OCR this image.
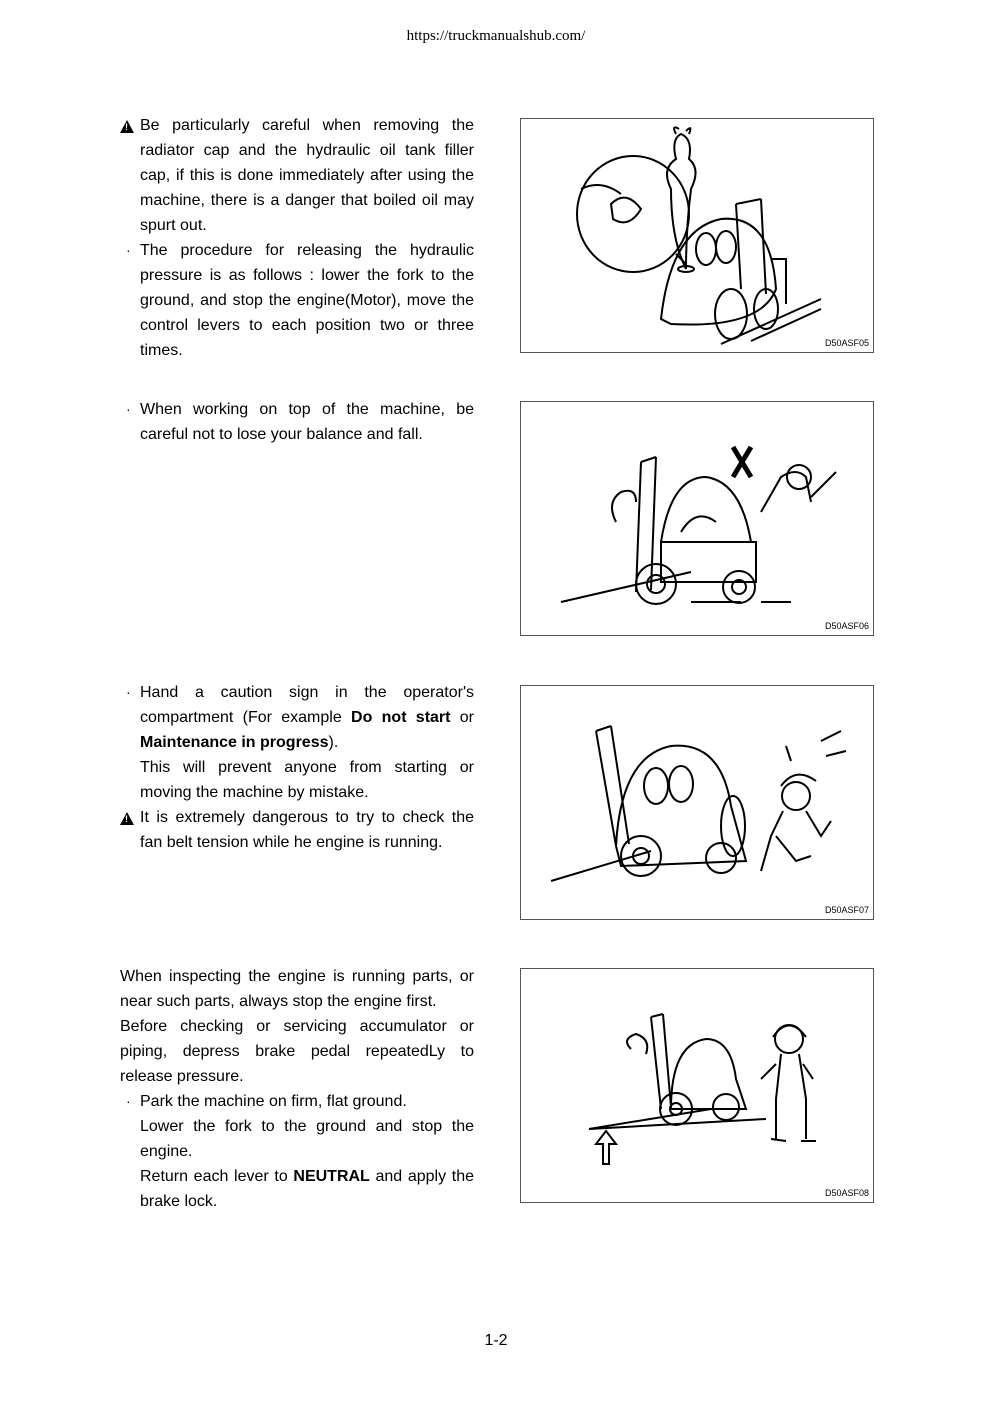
https://truckmanualshub.com/
!
Be particularly careful when removing the radiator cap and the hydraulic oil tank filler cap, if this is done immediately after using the machine, there is a danger that boiled oil may spurt out.
· The procedure for releasing the hydraulic pressure is as follows : lower the fork to the ground, and stop the engine(Motor), move the control levers to each position two or three times.
· When working on top of the machine, be careful not to lose your balance and fall.
· Hand a caution sign in the operator's compartment (For example Do not start or Maintenance in progress).
This will prevent anyone from starting or moving the machine by mistake.
!
It is extremely dangerous to try to check the fan belt tension while he engine is running.
When inspecting the engine is running parts, or near such parts, always stop the engine first.
Before checking or servicing accumulator or piping, depress brake pedal repeatedLy to release pressure.
· Park the machine on firm, flat ground.
Lower the fork to the ground and stop the engine.
Return each lever to NEUTRAL and apply the brake lock.
D50ASF05
D50ASF06
D50ASF07
D50ASF08
1-2
